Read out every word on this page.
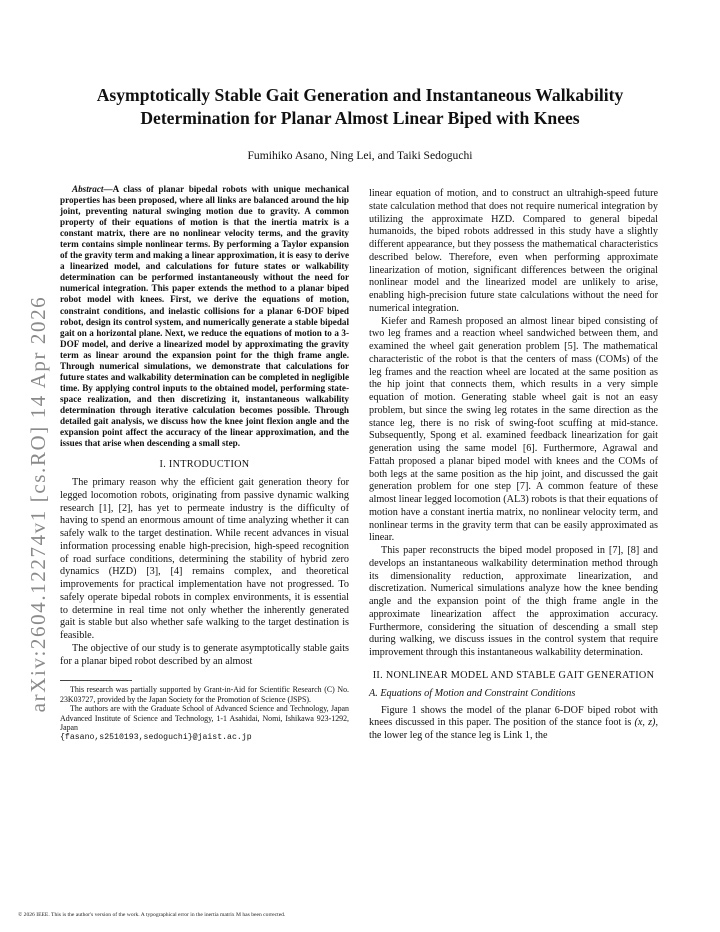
Asymptotically Stable Gait Generation and Instantaneous Walkability Determination for Planar Almost Linear Biped with Knees
Fumihiko Asano, Ning Lei, and Taiki Sedoguchi
arXiv:2604.12274v1 [cs.RO] 14 Apr 2026

Abstract—A class of planar bipedal robots with unique mechanical properties has been proposed, where all links are balanced around the hip joint, preventing natural swinging motion due to gravity. A common property of their equations of motion is that the inertia matrix is a constant matrix, there are no nonlinear velocity terms, and the gravity term contains simple nonlinear terms. By performing a Taylor expansion of the gravity term and making a linear approximation, it is easy to derive a linearized model, and calculations for future states or walkability determination can be performed instantaneously without the need for numerical integration. This paper extends the method to a planar biped robot model with knees. First, we derive the equations of motion, constraint conditions, and inelastic collisions for a planar 6-DOF biped robot, design its control system, and numerically generate a stable bipedal gait on a horizontal plane. Next, we reduce the equations of motion to a 3-DOF model, and derive a linearized model by approximating the gravity term as linear around the expansion point for the thigh frame angle. Through numerical simulations, we demonstrate that calculations for future states and walkability determination can be completed in negligible time. By applying control inputs to the obtained model, performing state-space realization, and then discretizing it, instantaneous walkability determination through iterative calculation becomes possible. Through detailed gait analysis, we discuss how the knee joint flexion angle and the expansion point affect the accuracy of the linear approximation, and the issues that arise when descending a small step.

I. INTRODUCTION

The primary reason why the efficient gait generation theory for legged locomotion robots, originating from passive dynamic walking research [1], [2], has yet to permeate industry is the difficulty of having to spend an enormous amount of time analyzing whether it can safely walk to the target destination. While recent advances in visual information processing enable high-precision, high-speed recognition of road surface conditions, determining the stability of hybrid zero dynamics (HZD) [3], [4] remains complex, and theoretical improvements for practical implementation have not progressed. To safely operate bipedal robots in complex environments, it is essential to determine in real time not only whether the inherently generated gait is stable but also whether safe walking to the target destination is feasible.

The objective of our study is to generate asymptotically stable gaits for a planar biped robot described by an almost

This research was partially supported by Grant-in-Aid for Scientific Research (C) No. 23K03727, provided by the Japan Society for the Promotion of Science (JSPS).

The authors are with the Graduate School of Advanced Science and Technology, Japan Advanced Institute of Science and Technology, 1-1 Asahidai, Nomi, Ishikawa 923-1292, Japan

{fasano,s2510193,sedoguchi}@jaist.ac.jp

linear equation of motion, and to construct an ultrahigh-speed future state calculation method that does not require numerical integration by utilizing the approximate HZD. Compared to general bipedal humanoids, the biped robots addressed in this study have a slightly different appearance, but they possess the mathematical characteristics described below. Therefore, even when performing approximate linearization of motion, significant differences between the original nonlinear model and the linearized model are unlikely to arise, enabling high-precision future state calculations without the need for numerical integration.

Kiefer and Ramesh proposed an almost linear biped consisting of two leg frames and a reaction wheel sandwiched between them, and examined the wheel gait generation problem [5]. The mathematical characteristic of the robot is that the centers of mass (COMs) of the leg frames and the reaction wheel are located at the same position as the hip joint that connects them, which results in a very simple equation of motion. Generating stable wheel gait is not an easy problem, but since the swing leg rotates in the same direction as the stance leg, there is no risk of swing-foot scuffing at mid-stance. Subsequently, Spong et al. examined feedback linearization for gait generation using the same model [6]. Furthermore, Agrawal and Fattah proposed a planar biped model with knees and the COMs of both legs at the same position as the hip joint, and discussed the gait generation problem for one step [7]. A common feature of these almost linear legged locomotion (AL3) robots is that their equations of motion have a constant inertia matrix, no nonlinear velocity term, and nonlinear terms in the gravity term that can be easily approximated as linear.

This paper reconstructs the biped model proposed in [7], [8] and develops an instantaneous walkability determination method through its dimensionality reduction, approximate linearization, and discretization. Numerical simulations analyze how the knee bending angle and the expansion point of the thigh frame angle in the approximate linearization affect the approximation accuracy. Furthermore, considering the situation of descending a small step during walking, we discuss issues in the control system that require improvement through this instantaneous walkability determination.

II. NONLINEAR MODEL AND STABLE GAIT GENERATION
A. Equations of Motion and Constraint Conditions

Figure 1 shows the model of the planar 6-DOF biped robot with knees discussed in this paper. The position of the stance foot is (x, z), the lower leg of the stance leg is Link 1, the

© 2026 IEEE. This is the author's version of the work. A typographical error in the inertia matrix M has been corrected.
